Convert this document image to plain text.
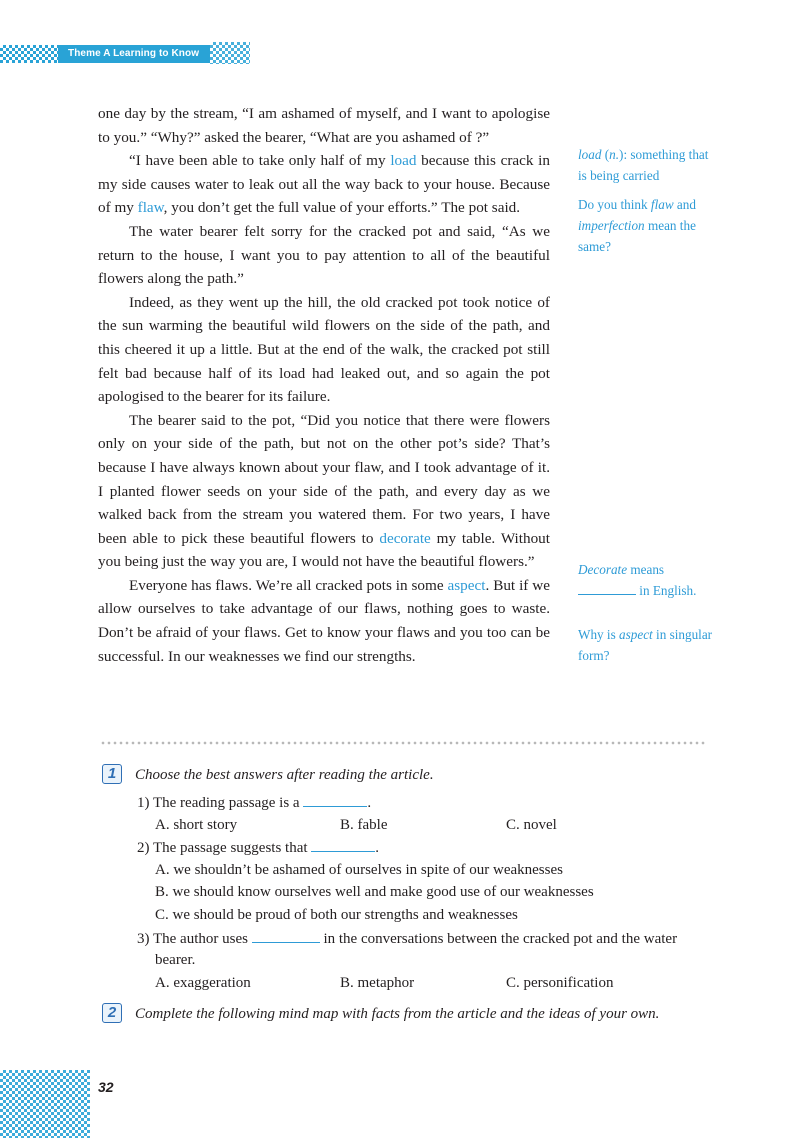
Theme A Learning to Know

one day by the stream, “I am ashamed of myself, and I want to apologise to you.” “Why?” asked the bearer, “What are you ashamed of ?”

“I have been able to take only half of my load because this crack in my side causes water to leak out all the way back to your house. Because of my flaw, you don’t get the full value of your efforts.” The pot said.

The water bearer felt sorry for the cracked pot and said, “As we return to the house, I want you to pay attention to all of the beautiful flowers along the path.”

Indeed, as they went up the hill, the old cracked pot took notice of the sun warming the beautiful wild flowers on the side of the path, and this cheered it up a little. But at the end of the walk, the cracked pot still felt bad because half of its load had leaked out, and so again the pot apologised to the bearer for its failure.

The bearer said to the pot, “Did you notice that there were flowers only on your side of the path, but not on the other pot’s side? That’s because I have always known about your flaw, and I took advantage of it. I planted flower seeds on your side of the path, and every day as we walked back from the stream you watered them. For two years, I have been able to pick these beautiful flowers to decorate my table. Without you being just the way you are, I would not have the beautiful flowers.”

Everyone has flaws. We’re all cracked pots in some aspect. But if we allow ourselves to take advantage of our flaws, nothing goes to waste. Don’t be afraid of your flaws. Get to know your flaws and you too can be successful. In our weaknesses we find our strengths.

load (n.): something that is being carried
Do you think flaw and imperfection mean the same?
Decorate means
in English.
Why is aspect in singular form?
1	Choose the best answers after reading the article.
1) The reading passage is a	.
A. short story	B. fable	C. novel
2) The passage suggests that	.
A. we shouldn’t be ashamed of ourselves in spite of our weaknesses
B. we should know ourselves well and make good use of our weaknesses
C. we should be proud of both our strengths and weaknesses
3) The author uses	in the conversations between the cracked pot and the water
bearer.
A. exaggeration	B. metaphor	C. personification
2	Complete the following mind map with facts from the article and the ideas of your own.
32
